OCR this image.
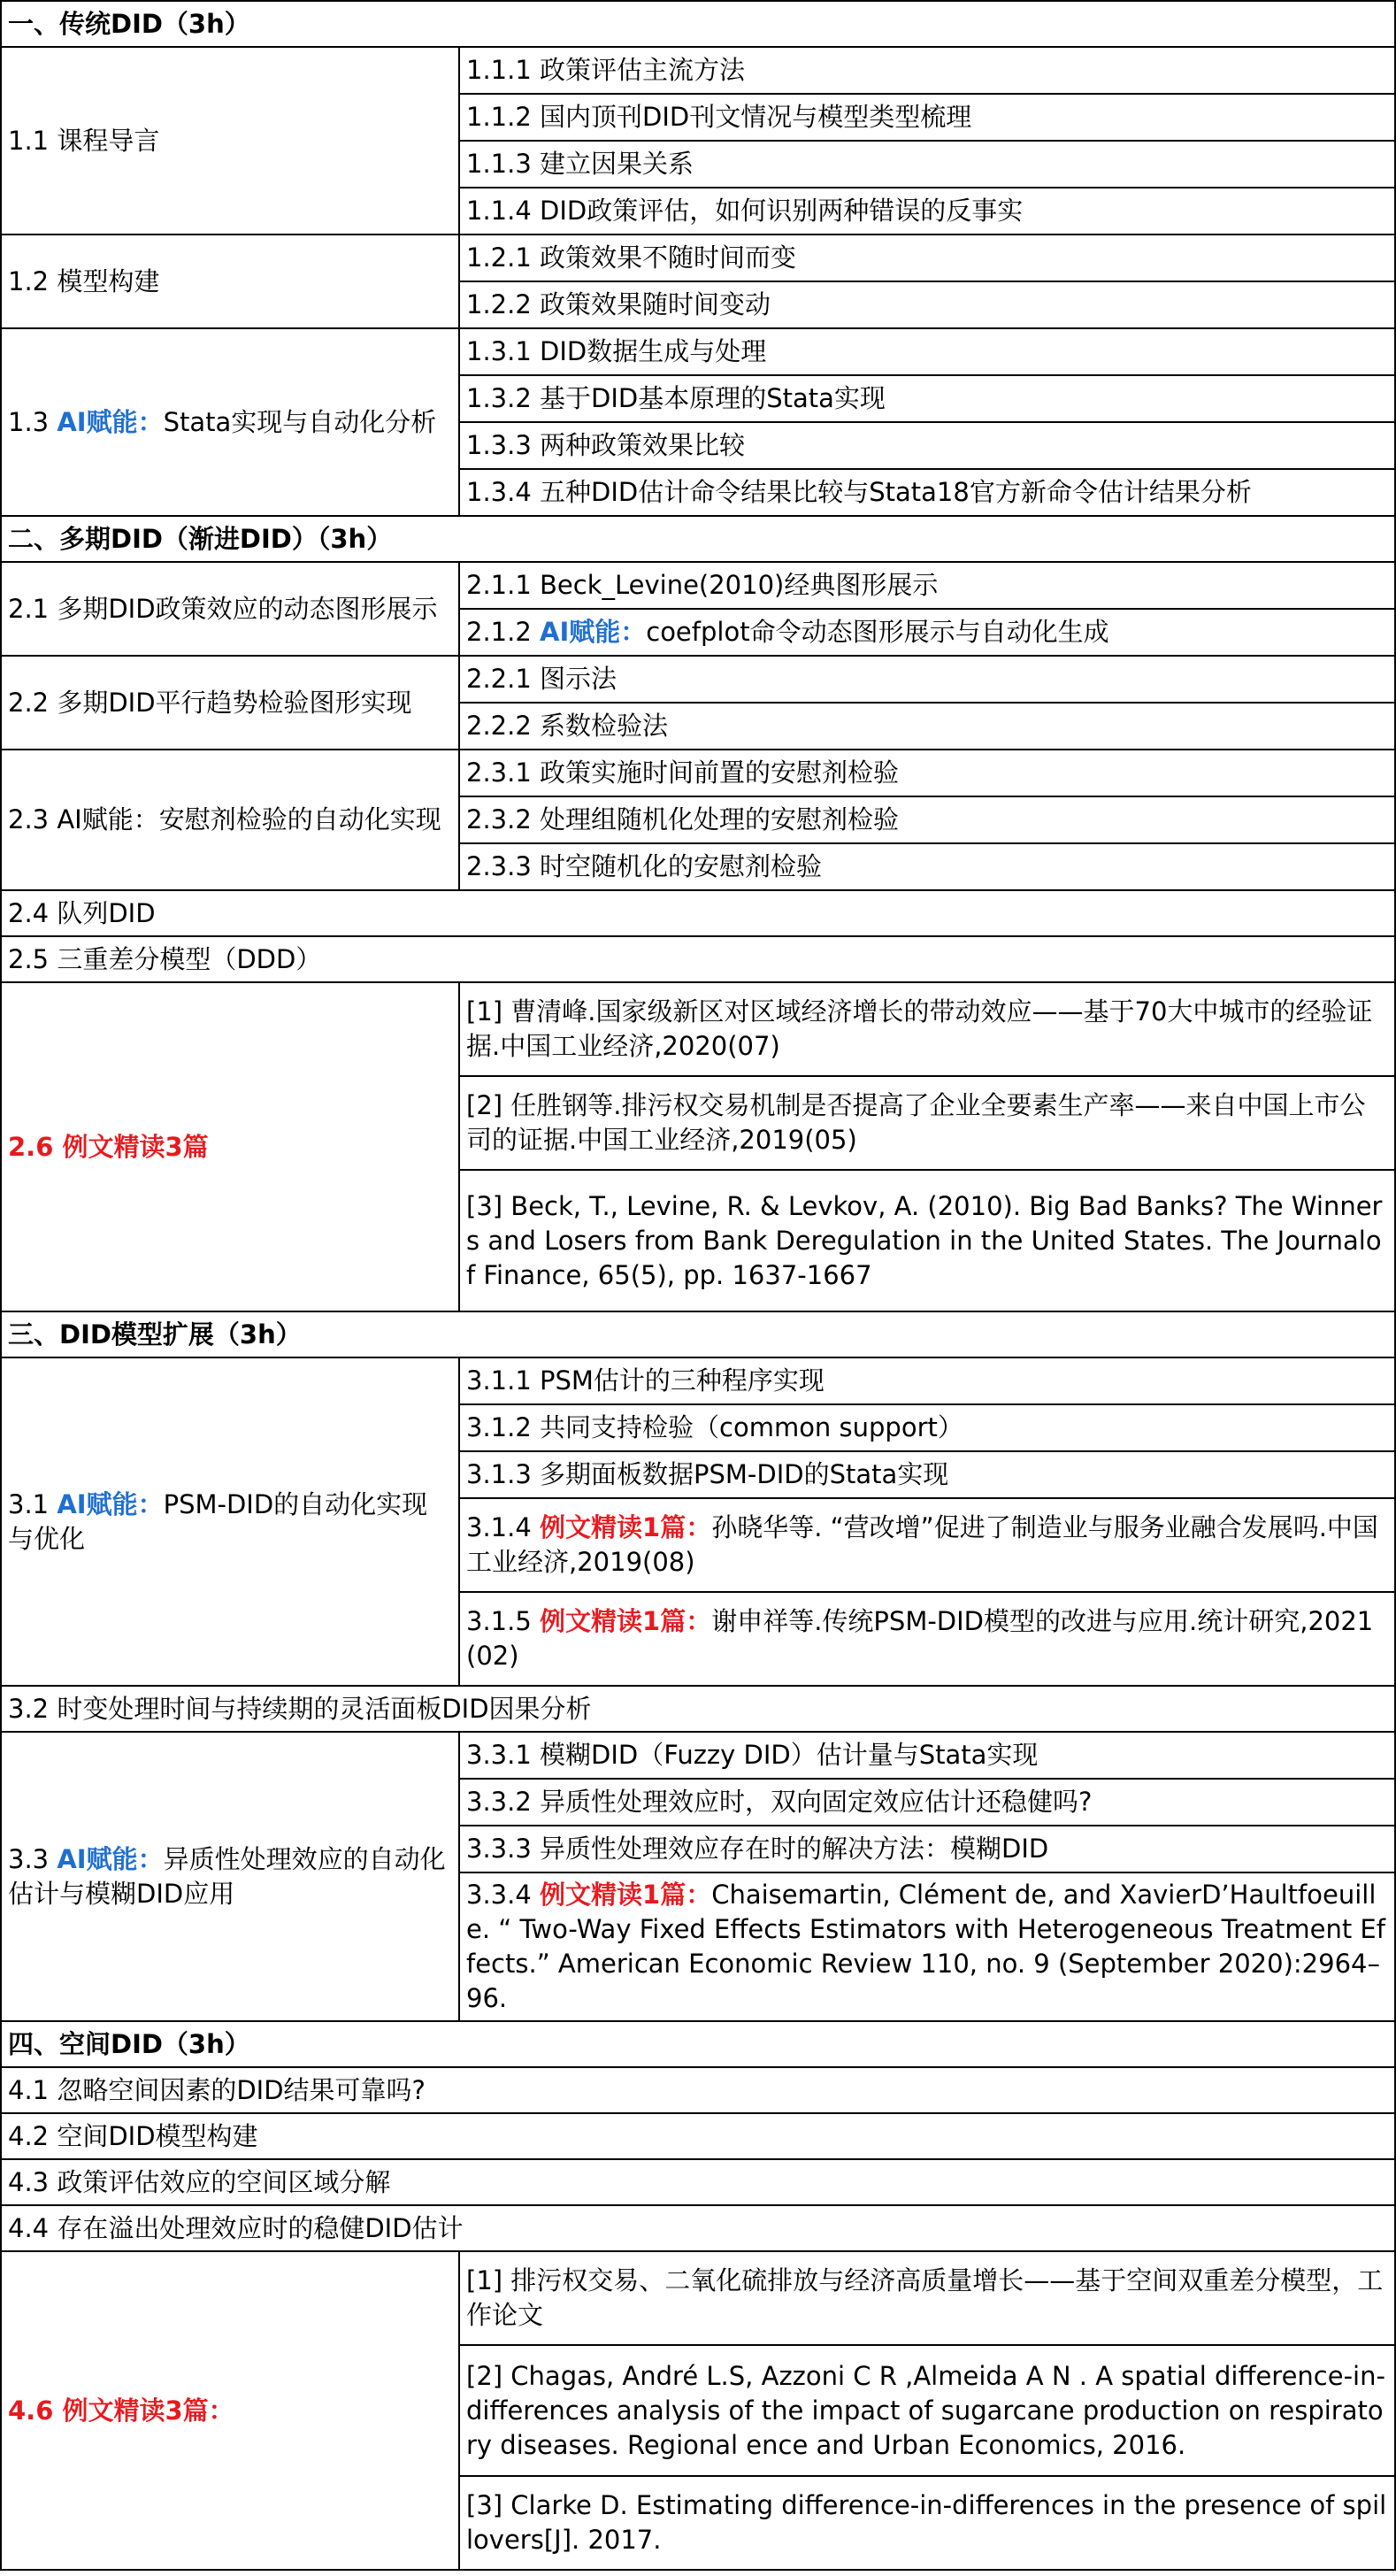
一、传统DID（3h）	
1.1 课程导言	1.1.1 政策评估主流方法
	1.1.2 国内顶刊DID刊文情况与模型类型梳理
	1.1.3 建立因果关系
	1.1.4 DID政策评估，如何识别两种错误的反事实
1.2 模型构建	1.2.1 政策效果不随时间而变
	1.2.2 政策效果随时间变动
1.3 AI赋能：Stata实现与自动化分析	1.3.1 DID数据生成与处理
	1.3.2 基于DID基本原理的Stata实现
	1.3.3 两种政策效果比较
	1.3.4 五种DID估计命令结果比较与Stata18官方新命令估计结果分析
二、多期DID（渐进DID）（3h）	
2.1 多期DID政策效应的动态图形展示	2.1.1 Beck_Levine(2010)经典图形展示
	2.1.2 AI赋能：coefplot命令动态图形展示与自动化生成
2.2 多期DID平行趋势检验图形实现	2.2.1 图示法
	2.2.2 系数检验法
2.3 AI赋能：安慰剂检验的自动化实现	2.3.1 政策实施时间前置的安慰剂检验
	2.3.2 处理组随机化处理的安慰剂检验
	2.3.3 时空随机化的安慰剂检验
2.4 队列DID	
2.5 三重差分模型（DDD）	
2.6 例文精读3篇	[1] 曹清峰.国家级新区对区域经济增长的带动效应——基于70大中城市的经验证据.中国工业经济,2020(07)
	[2] 任胜钢等.排污权交易机制是否提高了企业全要素生产率——来自中国上市公司的证据.中国工业经济,2019(05)
	[3] Beck, T., Levine, R. & Levkov, A. (2010). Big Bad Banks? The Winners and Losers from Bank Deregulation in the United States. The Journalof Finance, 65(5), pp. 1637-1667
三、DID模型扩展（3h）	
3.1 AI赋能：PSM-DID的自动化实现与优化	3.1.1 PSM估计的三种程序实现
	3.1.2 共同支持检验（common support）
	3.1.3 多期面板数据PSM-DID的Stata实现
	3.1.4 例文精读1篇：孙晓华等. “营改增”促进了制造业与服务业融合发展吗.中国工业经济,2019(08)
	3.1.5 例文精读1篇：谢申祥等.传统PSM-DID模型的改进与应用.统计研究,2021 (02)
3.2 时变处理时间与持续期的灵活面板DID因果分析	
3.3 AI赋能：异质性处理效应的自动化估计与模糊DID应用	3.3.1 模糊DID（Fuzzy DID）估计量与Stata实现
	3.3.2 异质性处理效应时，双向固定效应估计还稳健吗?
	3.3.3 异质性处理效应存在时的解决方法：模糊DID
	3.3.4 例文精读1篇：Chaisemartin, Clément de, and XavierD’Haultfoeuille. “ Two-Way Fixed Effects Estimators with Heterogeneous Treatment Effects.” American Economic Review 110, no. 9 (September 2020):2964–96.
四、空间DID（3h）	
4.1 忽略空间因素的DID结果可靠吗?	
4.2 空间DID模型构建	
4.3 政策评估效应的空间区域分解	
4.4 存在溢出处理效应时的稳健DID估计	
4.6 例文精读3篇：	[1] 排污权交易、二氧化硫排放与经济高质量增长——基于空间双重差分模型，工作论文
	[2] Chagas, André L.S, Azzoni C R ,Almeida A N . A spatial difference-in-differences analysis of the impact of sugarcane production on respiratory diseases. Regional ence and Urban Economics, 2016.
	[3] Clarke D. Estimating difference-in-differences in the presence of spillovers[J]. 2017.
